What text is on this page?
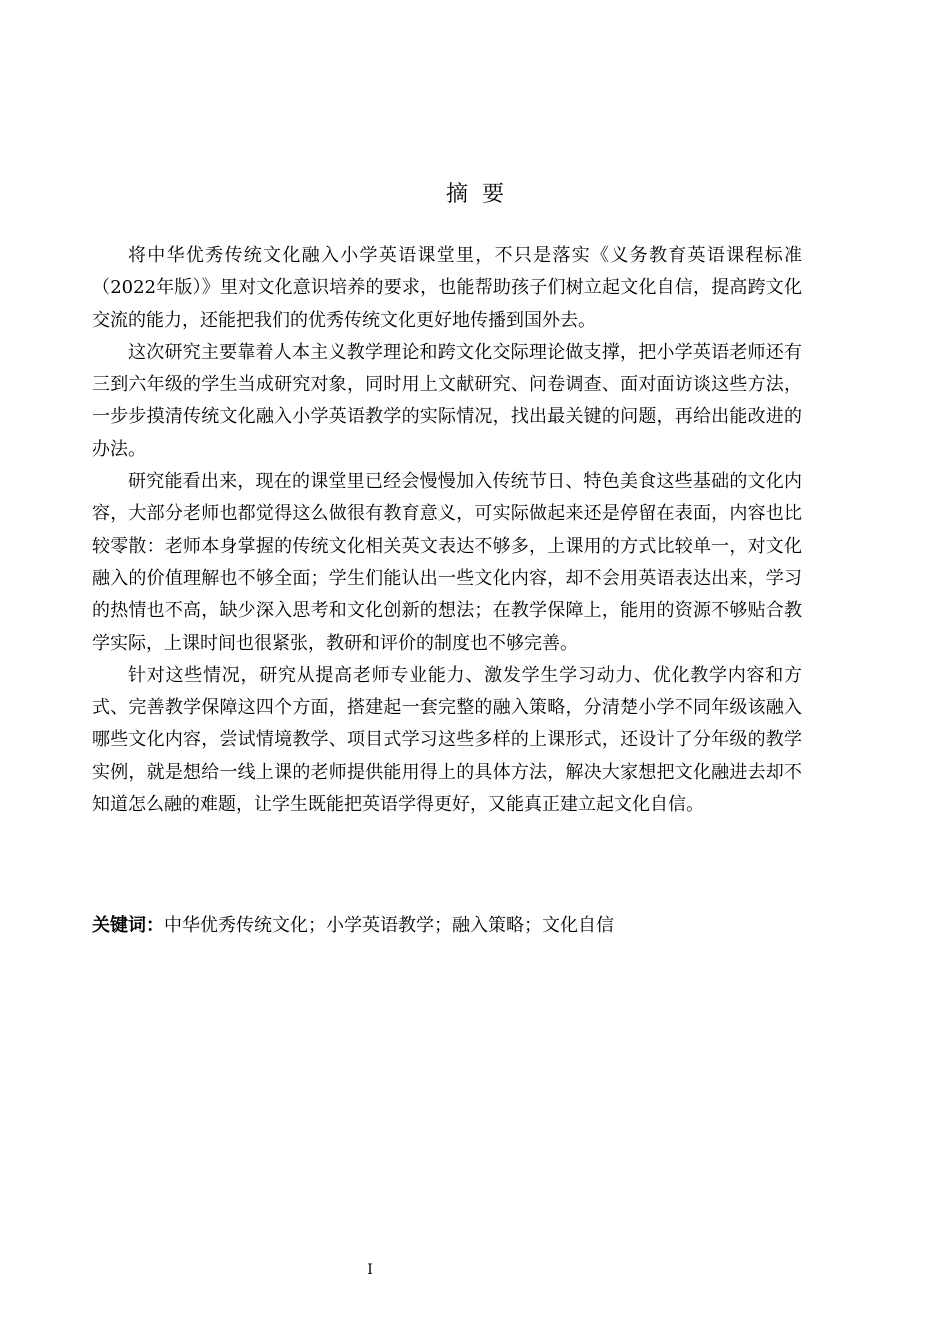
摘要

将中华优秀传统文化融入小学英语课堂里，不只是落实《义务教育英语课程标准（2022年版）》里对文化意识培养的要求，也能帮助孩子们树立起文化自信，提高跨文化交流的能力，还能把我们的优秀传统文化更好地传播到国外去。

这次研究主要靠着人本主义教学理论和跨文化交际理论做支撑，把小学英语老师还有三到六年级的学生当成研究对象，同时用上文献研究、问卷调查、面对面访谈这些方法，一步步摸清传统文化融入小学英语教学的实际情况，找出最关键的问题，再给出能改进的办法。

研究能看出来，现在的课堂里已经会慢慢加入传统节日、特色美食这些基础的文化内容，大部分老师也都觉得这么做很有教育意义，可实际做起来还是停留在表面，内容也比较零散：老师本身掌握的传统文化相关英文表达不够多，上课用的方式比较单一，对文化融入的价值理解也不够全面；学生们能认出一些文化内容，却不会用英语表达出来，学习的热情也不高，缺少深入思考和文化创新的想法；在教学保障上，能用的资源不够贴合教学实际，上课时间也很紧张，教研和评价的制度也不够完善。

针对这些情况，研究从提高老师专业能力、激发学生学习动力、优化教学内容和方式、完善教学保障这四个方面，搭建起一套完整的融入策略，分清楚小学不同年级该融入哪些文化内容，尝试情境教学、项目式学习这些多样的上课形式，还设计了分年级的教学实例，就是想给一线上课的老师提供能用得上的具体方法，解决大家想把文化融进去却不知道怎么融的难题，让学生既能把英语学得更好，又能真正建立起文化自信。

关键词：中华优秀传统文化；小学英语教学；融入策略；文化自信
I
